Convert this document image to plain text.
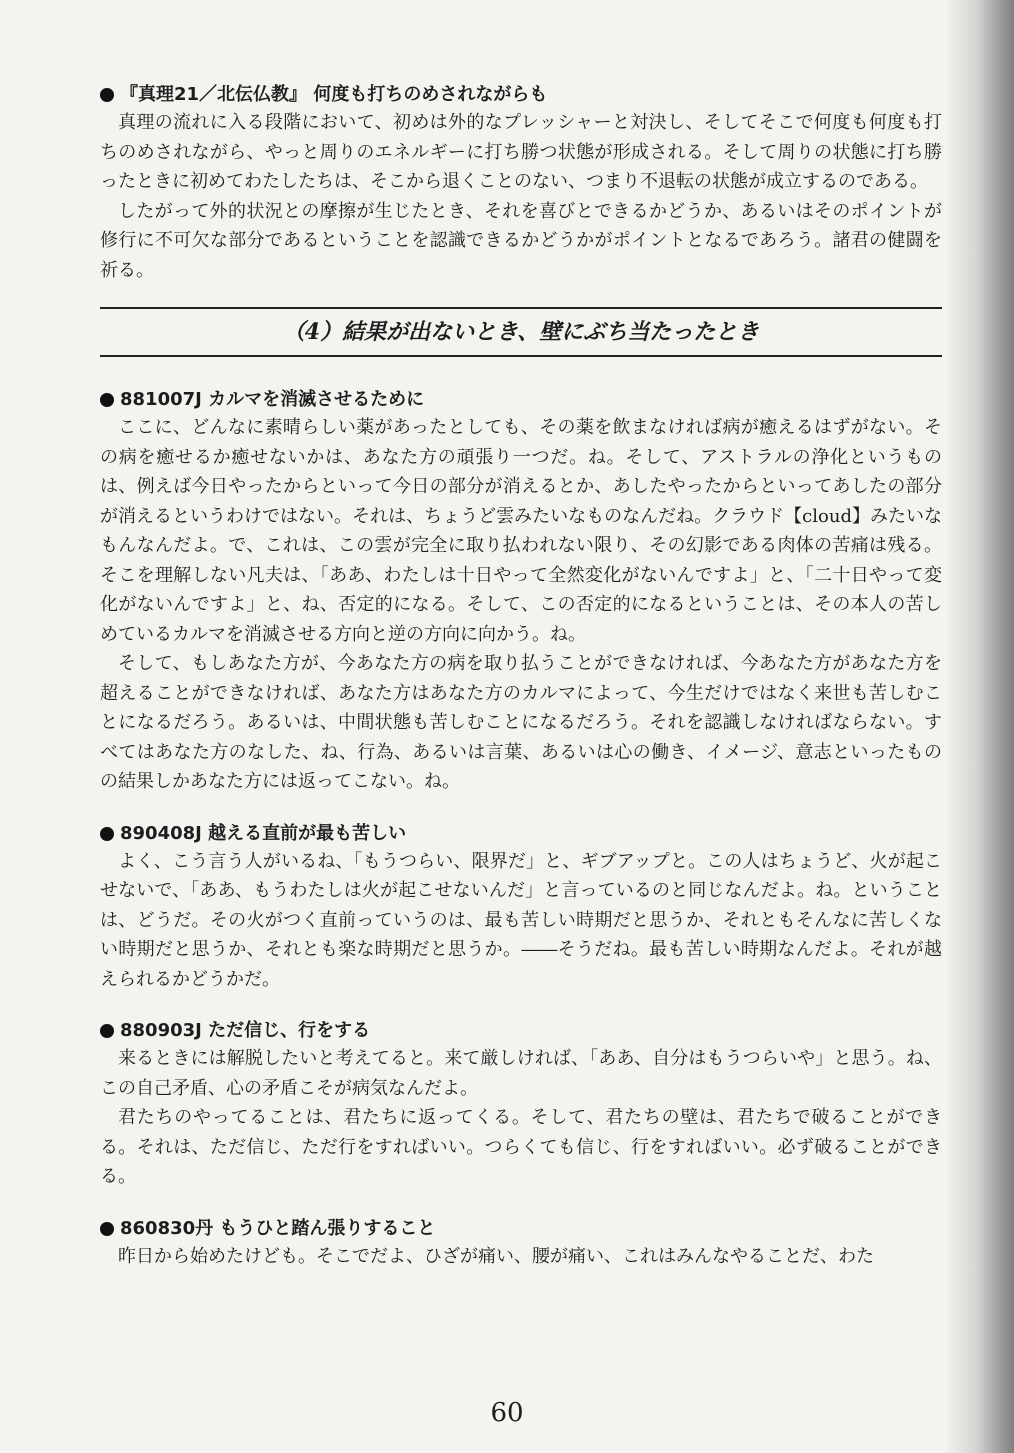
『真理21／北伝仏教』 何度も打ちのめされながらも

真理の流れに入る段階において、初めは外的なプレッシャーと対決し、そしてそこで何度も何度も打ちのめされながら、やっと周りのエネルギーに打ち勝つ状態が形成される。そして周りの状態に打ち勝ったときに初めてわたしたちは、そこから退くことのない、つまり不退転の状態が成立するのである。

したがって外的状況との摩擦が生じたとき、それを喜びとできるかどうか、あるいはそのポイントが修行に不可欠な部分であるということを認識できるかどうかがポイントとなるであろう。諸君の健闘を祈る。

（4）結果が出ないとき、壁にぶち当たったとき
881007J カルマを消滅させるために

ここに、どんなに素晴らしい薬があったとしても、その薬を飲まなければ病が癒えるはずがない。その病を癒せるか癒せないかは、あなた方の頑張り一つだ。ね。そして、アストラルの浄化というものは、例えば今日やったからといって今日の部分が消えるとか、あしたやったからといってあしたの部分が消えるというわけではない。それは、ちょうど雲みたいなものなんだね。クラウド【cloud】みたいなもんなんだよ。で、これは、この雲が完全に取り払われない限り、その幻影である肉体の苦痛は残る。そこを理解しない凡夫は、「ああ、わたしは十日やって全然変化がないんですよ」と、「二十日やって変化がないんですよ」と、ね、否定的になる。そして、この否定的になるということは、その本人の苦しめているカルマを消滅させる方向と逆の方向に向かう。ね。

そして、もしあなた方が、今あなた方の病を取り払うことができなければ、今あなた方があなた方を超えることができなければ、あなた方はあなた方のカルマによって、今生だけではなく来世も苦しむことになるだろう。あるいは、中間状態も苦しむことになるだろう。それを認識しなければならない。すべてはあなた方のなした、ね、行為、あるいは言葉、あるいは心の働き、イメージ、意志といったものの結果しかあなた方には返ってこない。ね。

890408J 越える直前が最も苦しい

よく、こう言う人がいるね、「もうつらい、限界だ」と、ギブアップと。この人はちょうど、火が起こせないで、「ああ、もうわたしは火が起こせないんだ」と言っているのと同じなんだよ。ね。ということは、どうだ。その火がつく直前っていうのは、最も苦しい時期だと思うか、それともそんなに苦しくない時期だと思うか、それとも楽な時期だと思うか。――そうだね。最も苦しい時期なんだよ。それが越えられるかどうかだ。

880903J ただ信じ、行をする

来るときには解脱したいと考えてると。来て厳しければ、「ああ、自分はもうつらいや」と思う。ね、この自己矛盾、心の矛盾こそが病気なんだよ。

君たちのやってることは、君たちに返ってくる。そして、君たちの壁は、君たちで破ることができる。それは、ただ信じ、ただ行をすればいい。つらくても信じ、行をすればいい。必ず破ることができる。

860830丹 もうひと踏ん張りすること

昨日から始めたけども。そこでだよ、ひざが痛い、腰が痛い、これはみんなやることだ、わた

60
